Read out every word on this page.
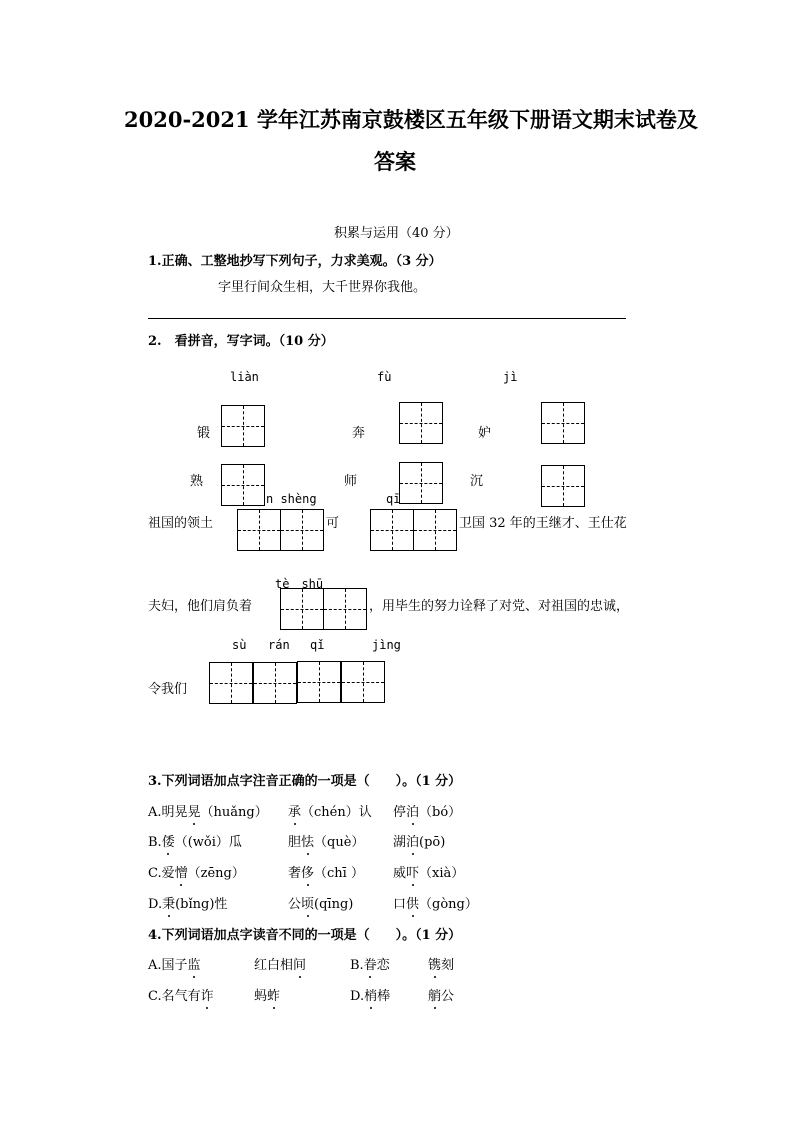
2020-2021 学年江苏南京鼓楼区五年级下册语文期末试卷及
答案
积累与运用（40 分）
1.正确、工整地抄写下列句子，力求美观。（3 分）
字里行间众生相，大千世界你我他。
2.　看拼音，写字词。（10 分）
liàn	fù	jì
锻	奔	妒
熟	师	沉
n shèng	qī
祖国的领土	可	卫国 32 年的王继才、王仕花
tè　shū
夫妇，他们肩负着	，用毕生的努力诠释了对党、对祖国的忠诚，
sù rán qǐ	jìng
令我们
3.下列词语加点字注音正确的一项是（　　）。（1 分）
A.明晃晃（huǎng） 承（chén）认 停泊（bó）
B.倭（(wǒi）瓜	胆怯（què） 湖泊(pō)
C.爱憎（zēng）	奢侈（chī ） 威吓（xià）
D.秉(bǐng)性	公顷(qīng)	口供（gòng）
4.下列词语加点字读音不同的一项是（　　）。（1 分）
A.国子监	红白相间	B.眷恋	镌刻
C.名气有诈	蚂蚱	D.梢棒	艄公
